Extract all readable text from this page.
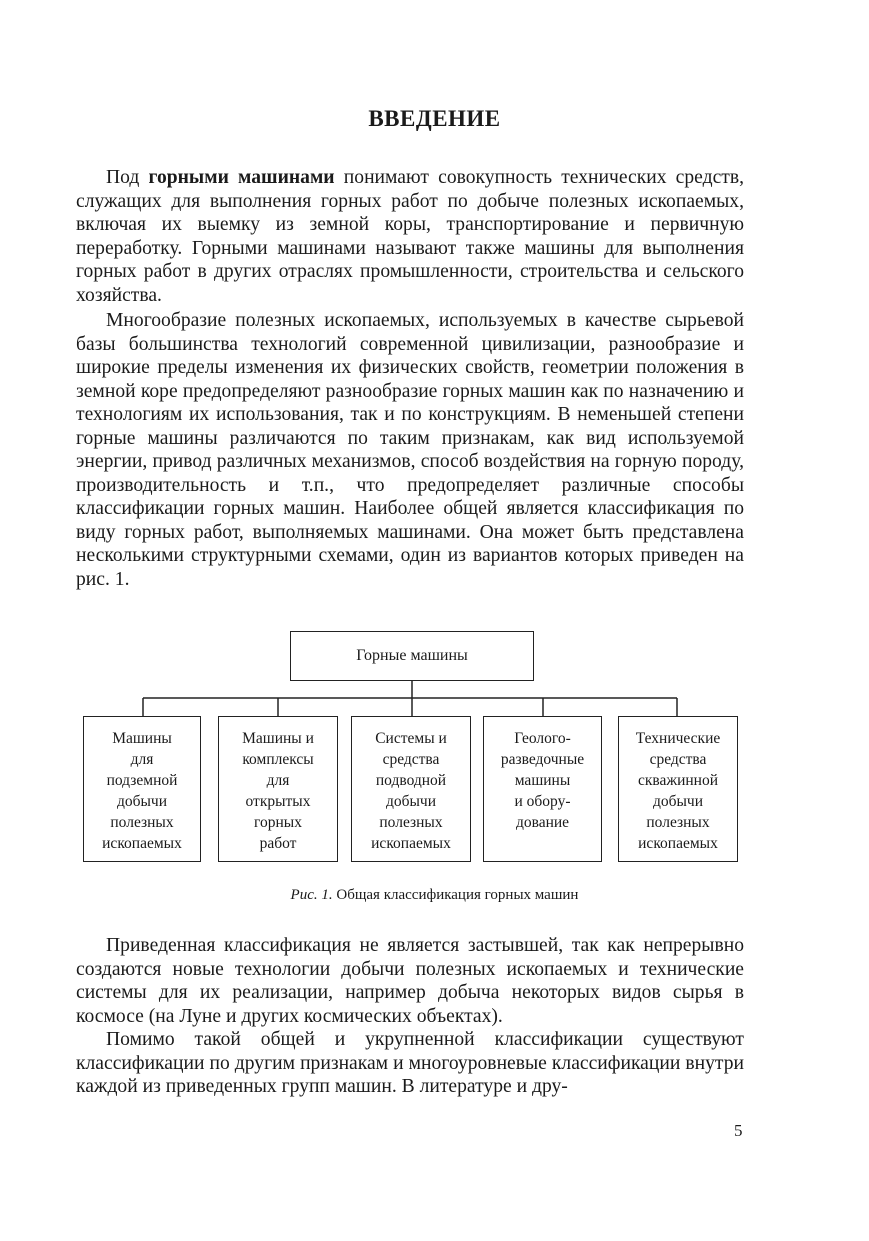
ВВЕДЕНИЕ

Под горными машинами понимают совокупность технических средств, служащих для выполнения горных работ по добыче полезных ископаемых, включая их выемку из земной коры, транспортирование и первичную переработку. Горными машинами называют также машины для выполнения горных работ в других отраслях промышленности, строительства и сельского хозяйства.

Многообразие полезных ископаемых, используемых в качестве сырьевой базы большинства технологий современной цивилизации, разнообразие и широкие пределы изменения их физических свойств, геометрии положения в земной коре предопределяют разнообразие горных машин как по назначению и технологиям их использования, так и по конструкциям. В неменьшей степени горные машины различаются по таким признакам, как вид используемой энергии, привод различных механизмов, способ воздействия на горную породу, производительность и т.п., что предопределяет различные способы классификации горных машин. Наиболее общей является классификация по виду горных работ, выполняемых машинами. Она может быть представлена несколькими структурными схемами, один из вариантов которых приведен на рис. 1.

Горные машины
Машины
для
подземной
добычи
полезных
ископаемых
Машины и
комплексы
для
открытых
горных
работ
Системы и
средства
подводной
добычи
полезных
ископаемых
Геолого-
разведочные
машины
и обору-
дование
Технические
средства
скважинной
добычи
полезных
ископаемых
Рис. 1. Общая классификация горных машин

Приведенная классификация не является застывшей, так как непрерывно создаются новые технологии добычи полезных ископаемых и технические системы для их реализации, например добыча некоторых видов сырья в космосе (на Луне и других космических объектах).

Помимо такой общей и укрупненной классификации существуют классификации по другим признакам и многоуровневые классификации внутри каждой из приведенных групп машин. В литературе и дру-

5
